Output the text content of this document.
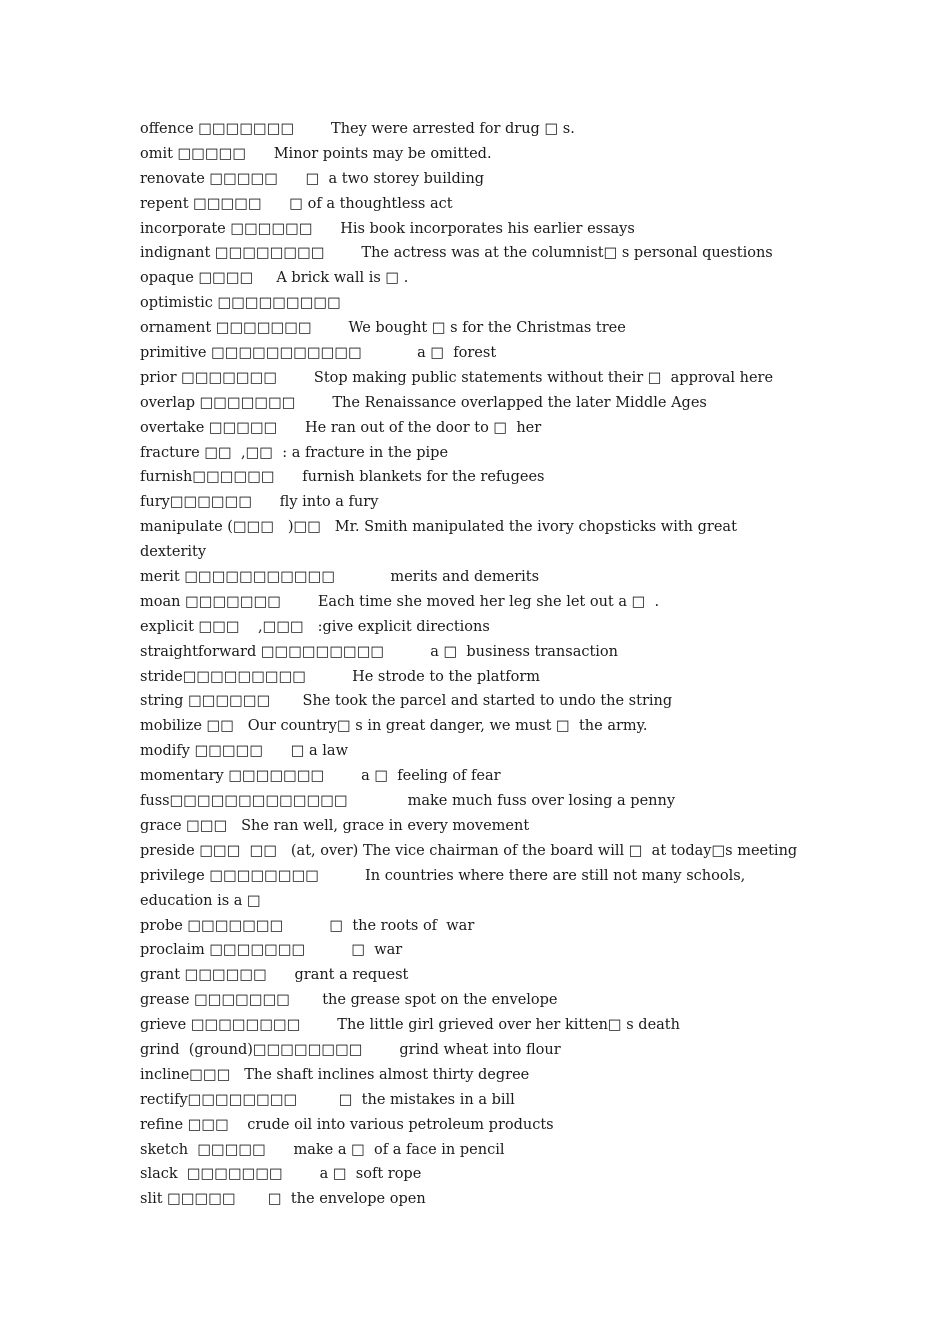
offence □□□□□□□        They were arrested for drug □ s.
omit □□□□□      Minor points may be omitted.
renovate □□□□□      □  a two storey building
repent □□□□□      □ of a thoughtless act
incorporate □□□□□□      His book incorporates his earlier essays
indignant □□□□□□□□        The actress was at the columnist□ s personal questions
opaque □□□□     A brick wall is □ .
optimistic □□□□□□□□□
ornament □□□□□□□        We bought □ s for the Christmas tree
primitive □□□□□□□□□□□            a □  forest
prior □□□□□□□        Stop making public statements without their □  approval here
overlap □□□□□□□        The Renaissance overlapped the later Middle Ages
overtake □□□□□      He ran out of the door to □  her
fracture □□  ,□□  : a fracture in the pipe
furnish□□□□□□      furnish blankets for the refugees
fury□□□□□□      fly into a fury
manipulate (□□□   )□□   Mr. Smith manipulated the ivory chopsticks with great
dexterity
merit □□□□□□□□□□□            merits and demerits
moan □□□□□□□        Each time she moved her leg she let out a □  .
explicit □□□    ,□□□   :give explicit directions
straightforward □□□□□□□□□          a □  business transaction
stride□□□□□□□□□          He strode to the platform
string □□□□□□       She took the parcel and started to undo the string
mobilize □□   Our country□ s in great danger, we must □  the army.
modify □□□□□      □ a law
momentary □□□□□□□        a □  feeling of fear
fuss□□□□□□□□□□□□□             make much fuss over losing a penny
grace □□□   She ran well, grace in every movement
preside □□□  □□   (at, over) The vice chairman of the board will □  at today□s meeting
privilege □□□□□□□□          In countries where there are still not many schools,
education is a □
probe □□□□□□□          □  the roots of  war
proclaim □□□□□□□          □  war
grant □□□□□□      grant a request
grease □□□□□□□       the grease spot on the envelope
grieve □□□□□□□□        The little girl grieved over her kitten□ s death
grind  (ground)□□□□□□□□        grind wheat into flour
incline□□□   The shaft inclines almost thirty degree
rectify□□□□□□□□         □  the mistakes in a bill
refine □□□    crude oil into various petroleum products
sketch  □□□□□      make a □  of a face in pencil
slack  □□□□□□□        a □  soft rope
slit □□□□□       □  the envelope open
